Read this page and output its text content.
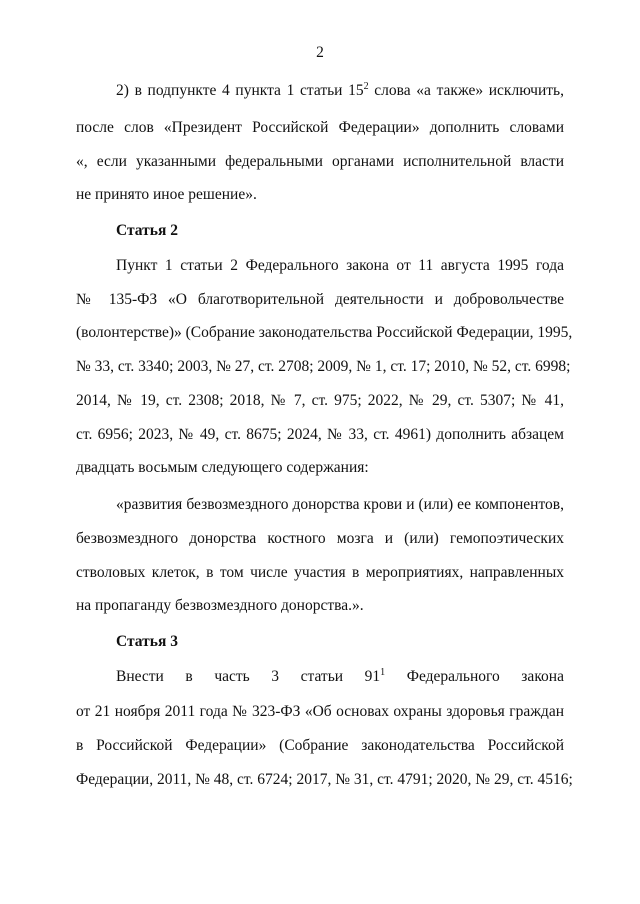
2
2) в подпункте 4 пункта 1 статьи $15^2$ слова «а также» исключить,
после слов «Президент Российской Федерации» дополнить словами
«, если указанными федеральными органами исполнительной власти
не принято иное решение».
Статья 2
Пункт 1 статьи 2 Федерального закона от 11 августа 1995 года
№ 135-ФЗ «О благотворительной деятельности и добровольчестве
(волонтерстве)» (Собрание законодательства Российской Федерации, 1995,
№ 33, ст. 3340; 2003, № 27, ст. 2708; 2009, № 1, ст. 17; 2010, № 52, ст. 6998;
2014, № 19, ст. 2308; 2018, № 7, ст. 975; 2022, № 29, ст. 5307; № 41,
ст. 6956; 2023, № 49, ст. 8675; 2024, № 33, ст. 4961) дополнить абзацем
двадцать восьмым следующего содержания:
«развития безвозмездного донорства крови и (или) ее компонентов,
безвозмездного донорства костного мозга и (или) гемопоэтических
стволовых клеток, в том числе участия в мероприятиях, направленных
на пропаганду безвозмездного донорства.».
Статья 3
Внести в часть 3 статьи $91^1$ Федерального закона
от 21 ноября 2011 года № 323-ФЗ «Об основах охраны здоровья граждан
в Российской Федерации» (Собрание законодательства Российской
Федерации, 2011, № 48, ст. 6724; 2017, № 31, ст. 4791; 2020, № 29, ст. 4516;
